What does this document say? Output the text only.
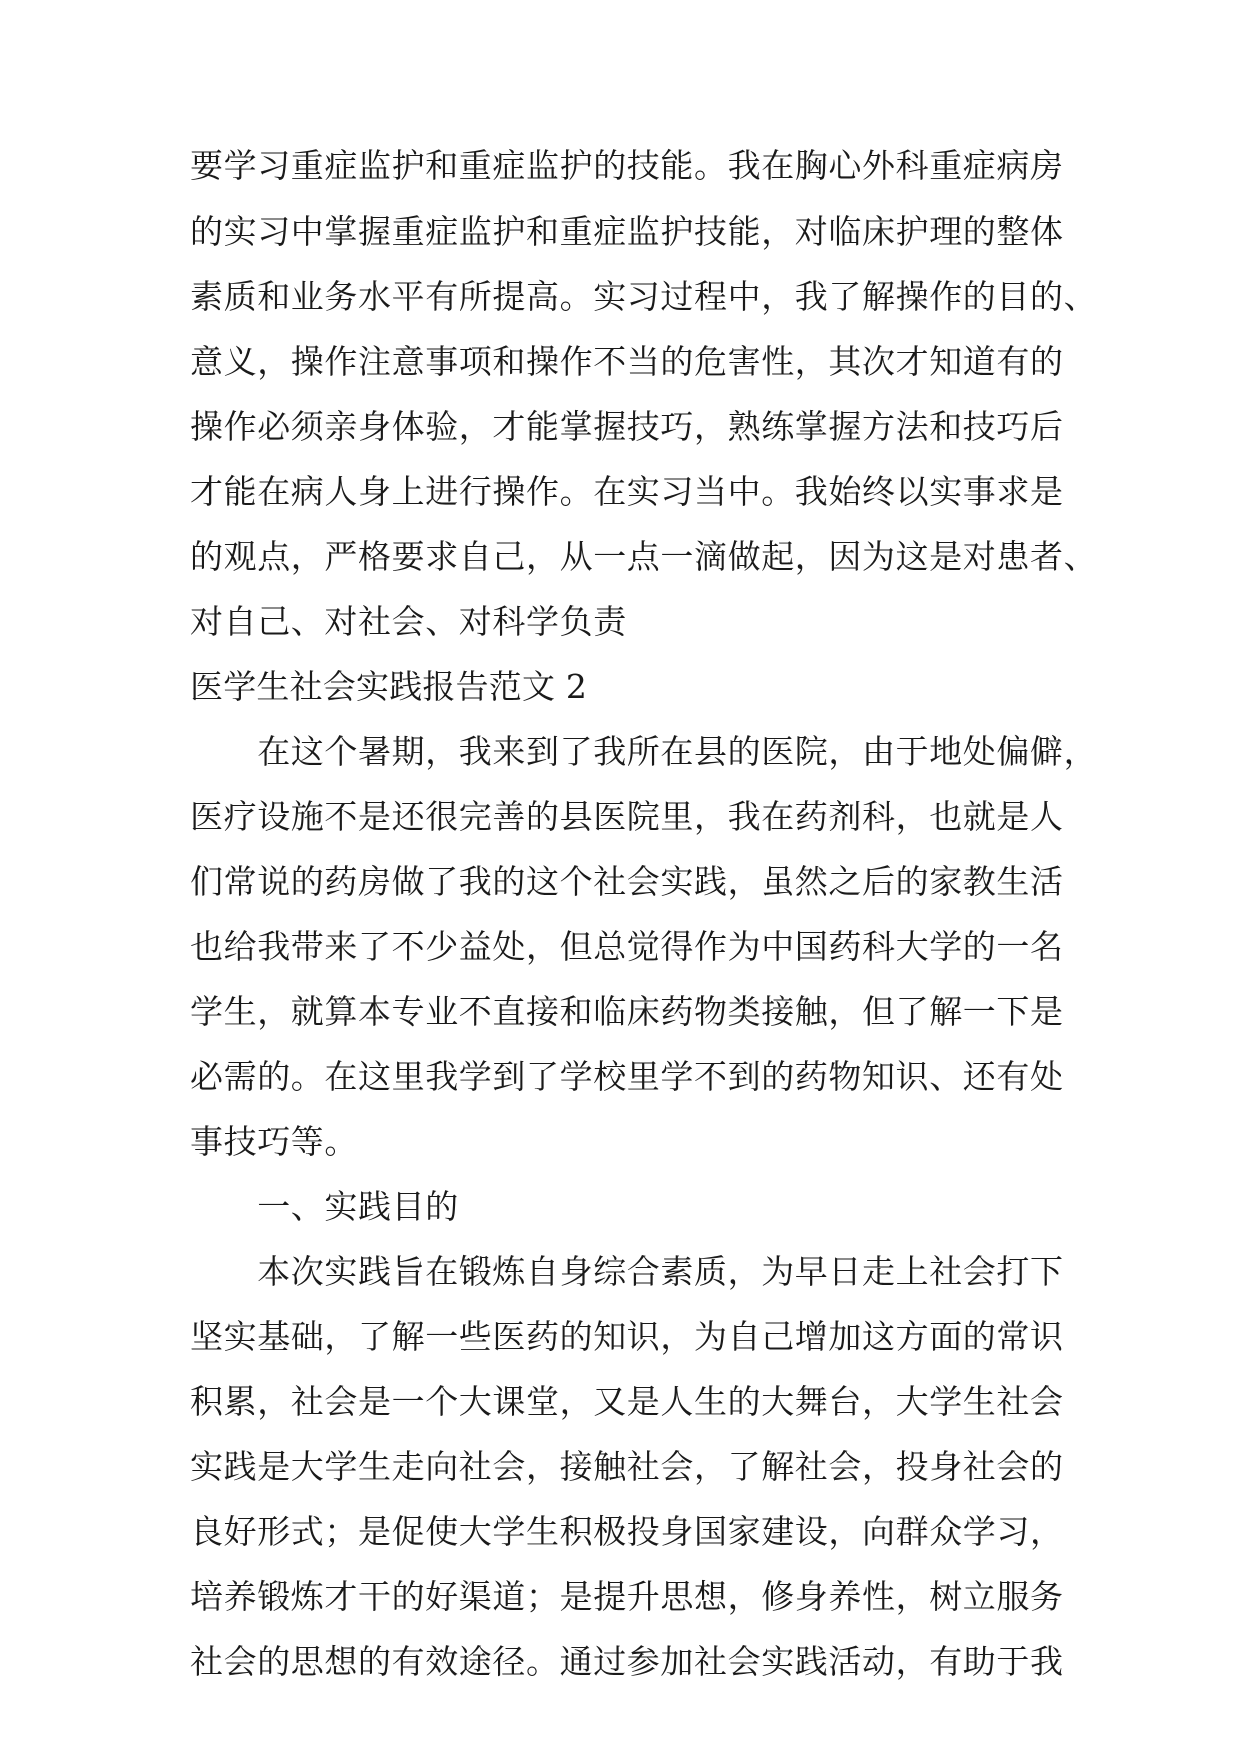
要学习重症监护和重症监护的技能。我在胸心外科重症病房
的实习中掌握重症监护和重症监护技能，对临床护理的整体
素质和业务水平有所提高。实习过程中，我了解操作的目的、
意义，操作注意事项和操作不当的危害性，其次才知道有的
操作必须亲身体验，才能掌握技巧，熟练掌握方法和技巧后
才能在病人身上进行操作。在实习当中。我始终以实事求是
的观点，严格要求自己，从一点一滴做起，因为这是对患者、
对自己、对社会、对科学负责
医学生社会实践报告范文 2
　　在这个暑期，我来到了我所在县的医院，由于地处偏僻，
医疗设施不是还很完善的县医院里，我在药剂科，也就是人
们常说的药房做了我的这个社会实践，虽然之后的家教生活
也给我带来了不少益处，但总觉得作为中国药科大学的一名
学生，就算本专业不直接和临床药物类接触，但了解一下是
必需的。在这里我学到了学校里学不到的药物知识、还有处
事技巧等。
　　一、实践目的
　　本次实践旨在锻炼自身综合素质，为早日走上社会打下
坚实基础，了解一些医药的知识，为自己增加这方面的常识
积累，社会是一个大课堂，又是人生的大舞台，大学生社会
实践是大学生走向社会，接触社会，了解社会，投身社会的
良好形式；是促使大学生积极投身国家建设，向群众学习，
培养锻炼才干的好渠道；是提升思想，修身养性，树立服务
社会的思想的有效途径。通过参加社会实践活动，有助于我
